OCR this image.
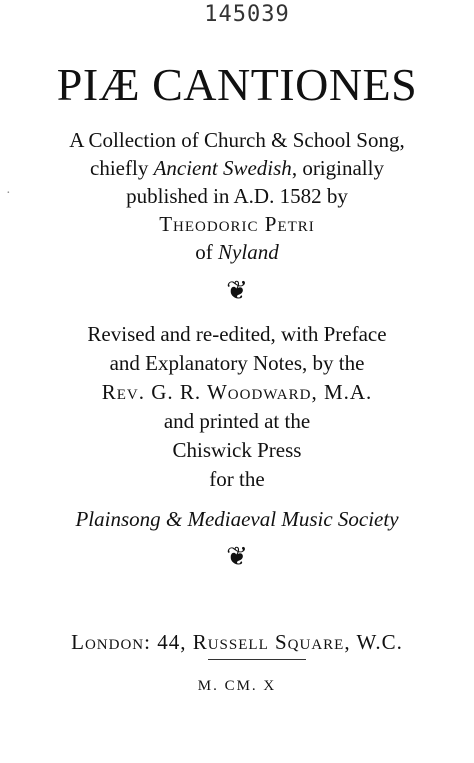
145039
·
PIÆ CANTIONES
A Collection of Church & School Song,
chiefly Ancient Swedish, originally
published in A.D. 1582 by
Theodoric Petri
of Nyland
❦
Revised and re-edited, with Preface
and Explanatory Notes, by the
Rev. G. R. Woodward, M.A.
and printed at the
Chiswick Press
for the
Plainsong & Mediaeval Music Society
❦
London: 44, Russell Square, W.C.
M. CM. X
